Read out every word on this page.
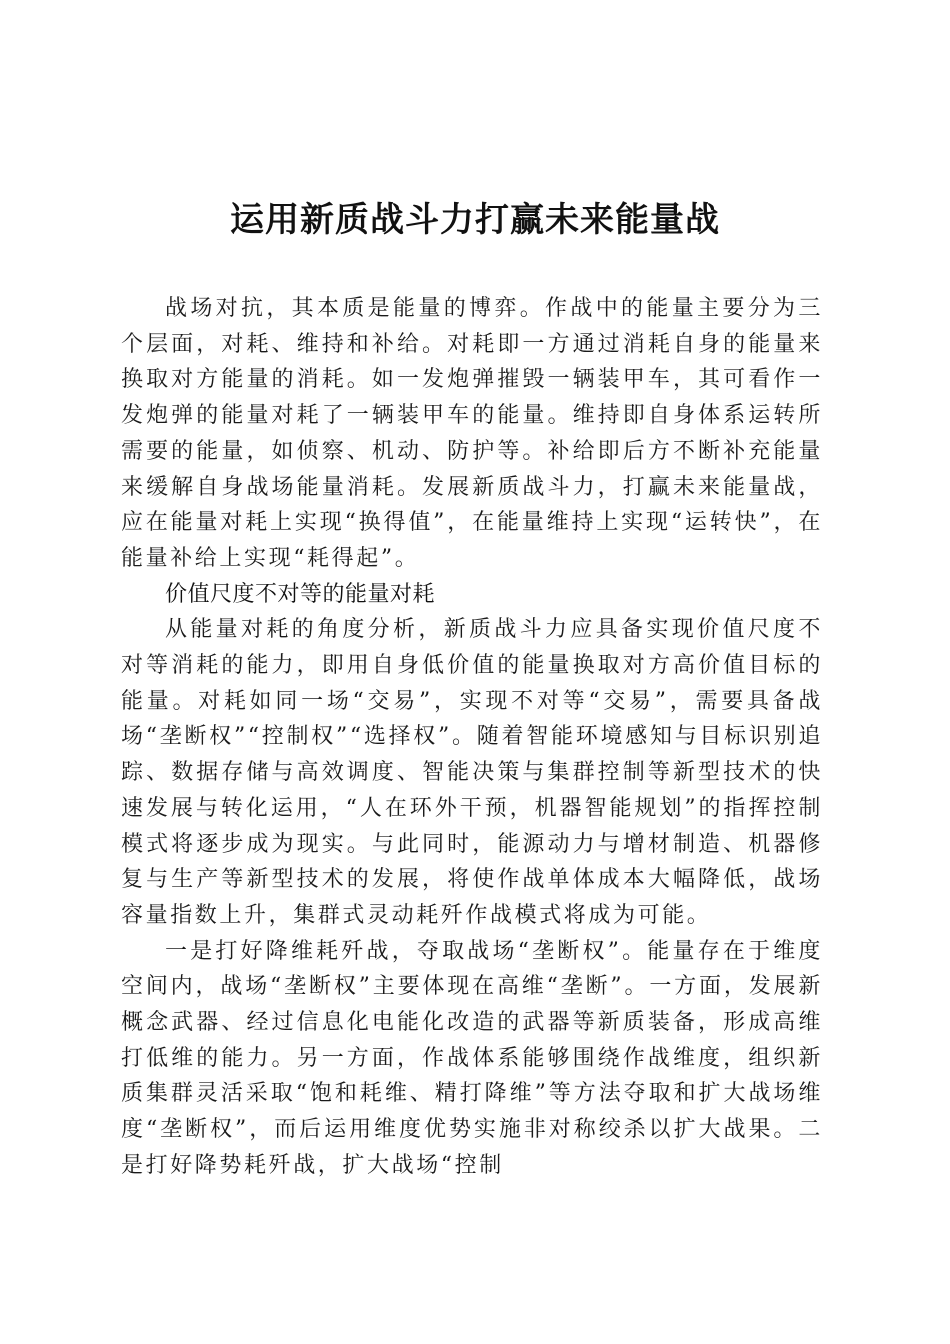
运用新质战斗力打赢未来能量战

战场对抗，其本质是能量的博弈。作战中的能量主要分为三个层面，对耗、维持和补给。对耗即一方通过消耗自身的能量来换取对方能量的消耗。如一发炮弹摧毁一辆装甲车，其可看作一发炮弹的能量对耗了一辆装甲车的能量。维持即自身体系运转所需要的能量，如侦察、机动、防护等。补给即后方不断补充能量来缓解自身战场能量消耗。发展新质战斗力，打赢未来能量战，应在能量对耗上实现“换得值”，在能量维持上实现“运转快”，在能量补给上实现“耗得起”。

价值尺度不对等的能量对耗

从能量对耗的角度分析，新质战斗力应具备实现价值尺度不对等消耗的能力，即用自身低价值的能量换取对方高价值目标的能量。对耗如同一场“交易”，实现不对等“交易”，需要具备战场“垄断权”“控制权”“选择权”。随着智能环境感知与目标识别追踪、数据存储与高效调度、智能决策与集群控制等新型技术的快速发展与转化运用，“人在环外干预，机器智能规划”的指挥控制模式将逐步成为现实。与此同时，能源动力与增材制造、机器修复与生产等新型技术的发展，将使作战单体成本大幅降低，战场容量指数上升，集群式灵动耗歼作战模式将成为可能。

一是打好降维耗歼战，夺取战场“垄断权”。能量存在于维度空间内，战场“垄断权”主要体现在高维“垄断”。一方面，发展新概念武器、经过信息化电能化改造的武器等新质装备，形成高维打低维的能力。另一方面，作战体系能够围绕作战维度，组织新质集群灵活采取“饱和耗维、精打降维”等方法夺取和扩大战场维度“垄断权”，而后运用维度优势实施非对称绞杀以扩大战果。二是打好降势耗歼战，扩大战场“控制
